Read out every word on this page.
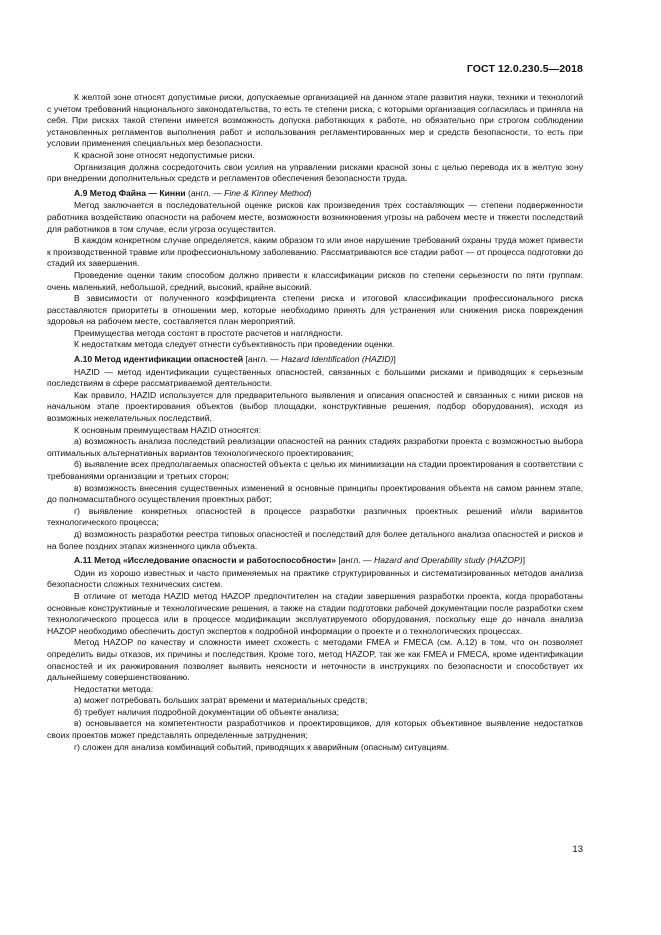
ГОСТ 12.0.230.5—2018

К желтой зоне относят допустимые риски, допускаемые организацией на данном этапе развития науки, техники и технологий с учетом требований национального законодательства, то есть те степени риска, с которыми организация согласилась и приняла на себя. При рисках такой степени имеется возможность допуска работающих к работе, но обязательно при строгом соблюдении установленных регламентов выполнения работ и использования регламентированных мер и средств безопасности, то есть при условии применения специальных мер безопасности.

К красной зоне относят недопустимые риски.

Организация должна сосредоточить свои усилия на управлении рисками красной зоны с целью перевода их в желтую зону при внедрении дополнительных средств и регламентов обеспечения безопасности труда.

А.9 Метод Файна — Кинни (англ. — Fine & Kinney Method)

Метод заключается в последовательной оценке рисков как произведения трех составляющих — степени подверженности работника воздействию опасности на рабочем месте, возможности возникновения угрозы на рабочем месте и тяжести последствий для работников в том случае, если угроза осуществится.

В каждом конкретном случае определяется, каким образом то или иное нарушение требований охраны труда может привести к производственной травме или профессиональному заболеванию. Рассматриваются все стадии работ — от процесса подготовки до стадий их завершения.

Проведение оценки таким способом должно привести к классификации рисков по степени серьезности по пяти группам: очень маленький, небольшой, средний, высокий, крайне высокий.

В зависимости от полученного коэффициента степени риска и итоговой классификации профессионального риска расставляются приоритеты в отношении мер, которые необходимо принять для устранения или снижения риска повреждения здоровья на рабочем месте, составляется план мероприятий.

Преимущества метода состоят в простоте расчетов и наглядности.

К недостаткам метода следует отнести субъективность при проведении оценки.

А.10 Метод идентификации опасностей [англ. — Hazard Identification (HAZID)]

HAZID — метод идентификации существенных опасностей, связанных с большими рисками и приводящих к серьезным последствиям в сфере рассматриваемой деятельности.

Как правило, HAZID используется для предварительного выявления и описания опасностей и связанных с ними рисков на начальном этапе проектирования объектов (выбор площадки, конструктивные решения, подбор оборудования), исходя из возможных нежелательных последствий.

К основным преимуществам HAZID относятся:

а) возможность анализа последствий реализации опасностей на ранних стадиях разработки проекта с возможностью выбора оптимальных альтернативных вариантов технологического проектирования;

б) выявление всех предполагаемых опасностей объекта с целью их минимизации на стадии проектирования в соответствии с требованиями организации и третьих сторон;

в) возможность внесения существенных изменений в основные принципы проектирования объекта на самом раннем этапе, до полномасштабного осуществления проектных работ;

г) выявление конкретных опасностей в процессе разработки различных проектных решений и/или вариантов технологического процесса;

д) возможность разработки реестра типовых опасностей и последствий для более детального анализа опасностей и рисков и на более поздних этапах жизненного цикла объекта.

А.11 Метод «Исследование опасности и работоспособности» [англ. — Hazard and Operability study (HAZOP)]

Один из хорошо известных и часто применяемых на практике структурированных и систематизированных методов анализа безопасности сложных технических систем.

В отличие от метода HAZID метод HAZOP предпочтителен на стадии завершения разработки проекта, когда проработаны основные конструктивные и технологические решения, а также на стадии подготовки рабочей документации после разработки схем технологического процесса или в процессе модификации эксплуатируемого оборудования, поскольку еще до начала анализа HAZOP необходимо обеспечить доступ экспертов к подробной информации о проекте и о технологических процессах.

Метод HAZOP по качеству и сложности имеет схожесть с методами FMEA и FMECA (см. А.12) в том, что он позволяет определить виды отказов, их причины и последствия. Кроме того, метод HAZOP, так же как FMEA и FMECA, кроме идентификации опасностей и их ранжирования позволяет выявить неясности и неточности в инструкциях по безопасности и способствует их дальнейшему совершенствованию.

Недостатки метода:

а) может потребовать больших затрат времени и материальных средств;

б) требует наличия подробной документации об объекте анализа;

в) основывается на компетентности разработчиков и проектировщиков, для которых объективное выявление недостатков своих проектов может представлять определенные затруднения;

г) сложен для анализа комбинаций событий, приводящих к аварийным (опасным) ситуациям.

13
